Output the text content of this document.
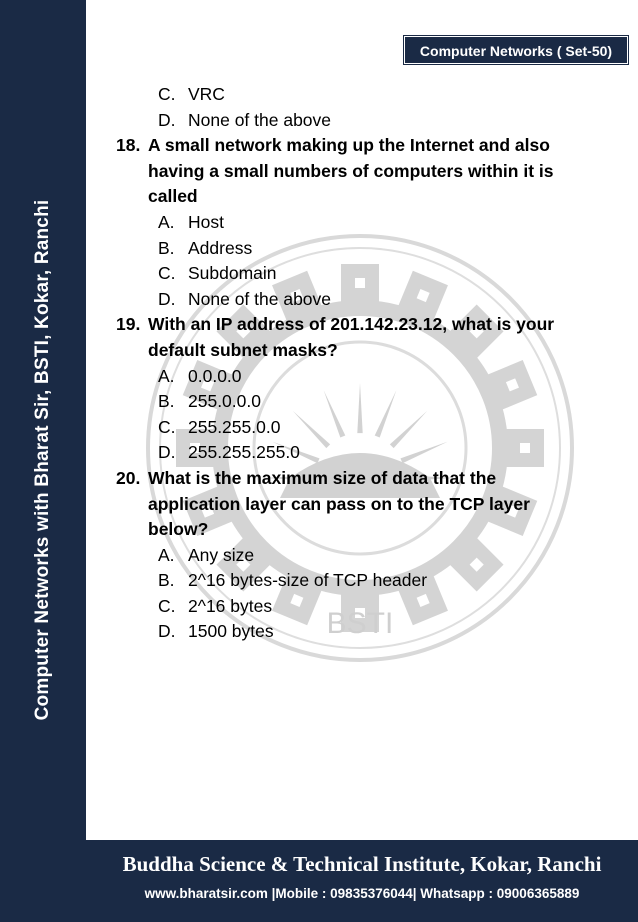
Computer Networks with Bharat Sir, BSTI, Kokar, Ranchi
Computer Networks ( Set-50)
BSTI
C. VRC
D. None of the above
18. A small network making up the Internet and also
having a small numbers of computers within it is
called
A. Host
B. Address
C. Subdomain
D. None of the above
19. With an IP address of 201.142.23.12, what is your
default subnet masks?
A. 0.0.0.0
B. 255.0.0.0
C. 255.255.0.0
D. 255.255.255.0
20. What is the maximum size of data that the
application layer can pass on to the TCP layer
below?
A. Any size
B. 2^16 bytes-size of TCP header
C. 2^16 bytes
D. 1500 bytes
Buddha Science & Technical Institute, Kokar, Ranchi
www.bharatsir.com |Mobile : 09835376044| Whatsapp : 09006365889
